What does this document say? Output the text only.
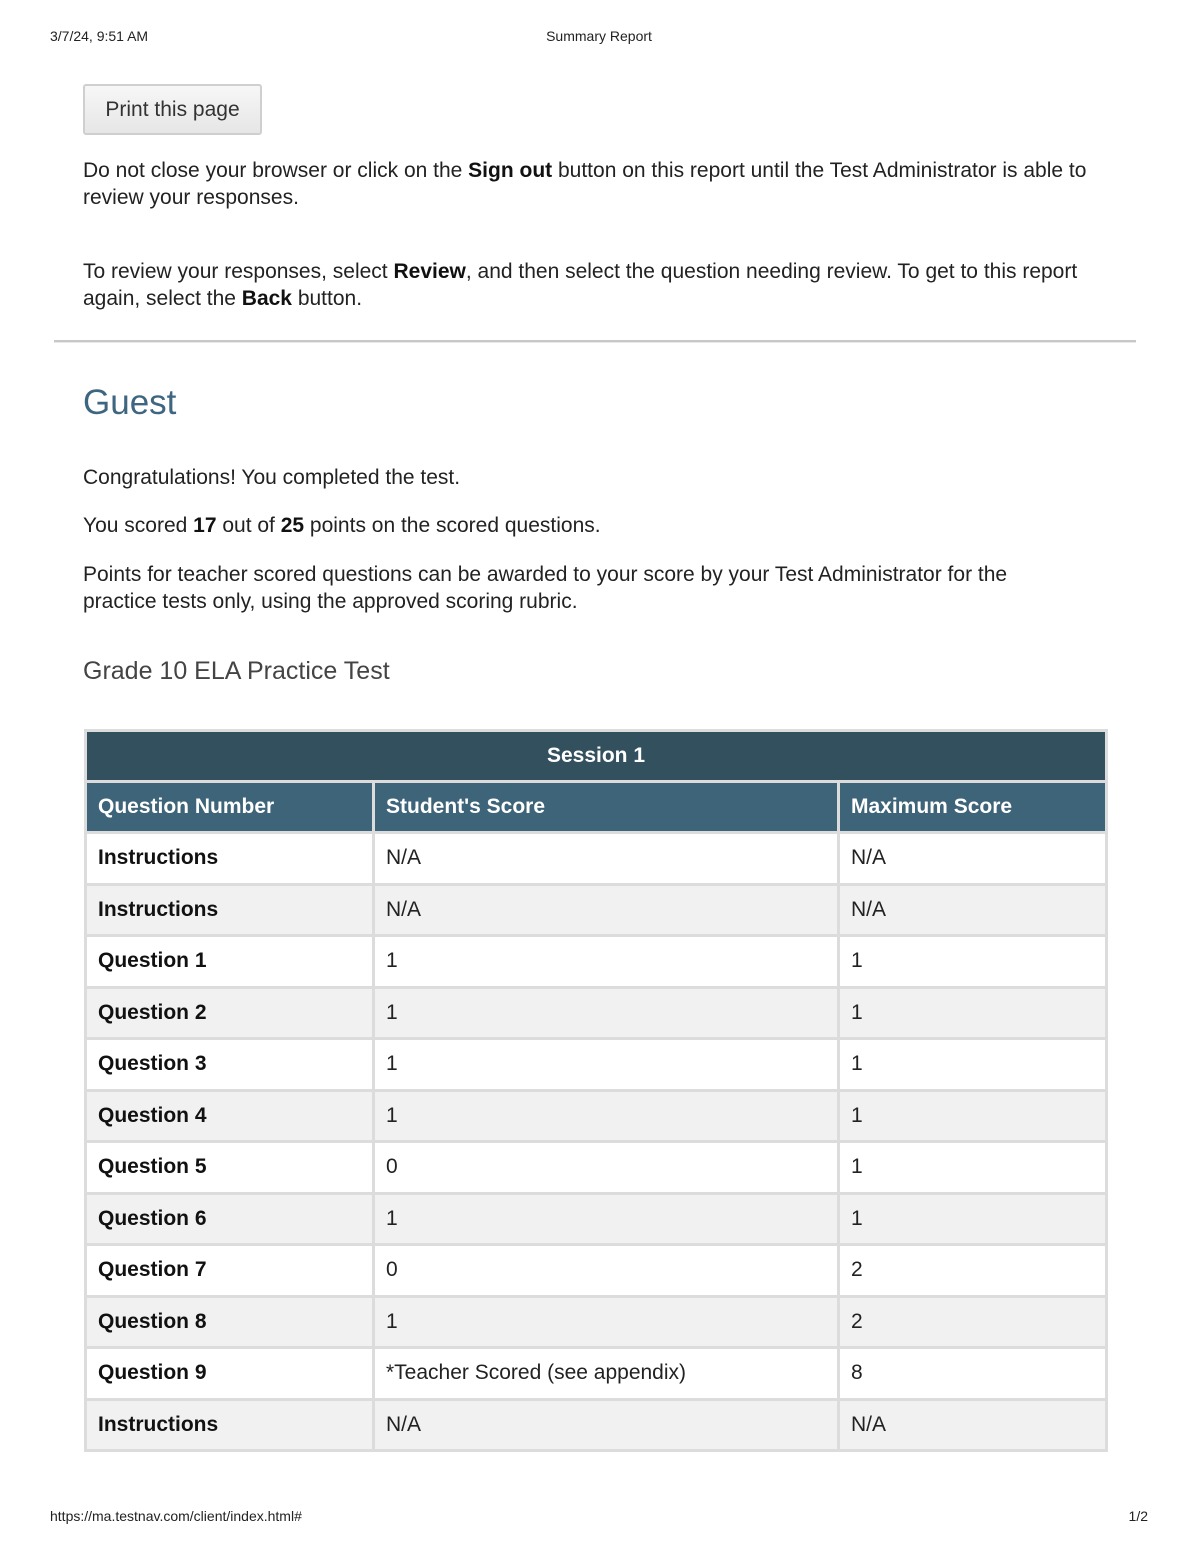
3/7/24, 9:51 AM	Summary Report
Print this page

Do not close your browser or click on the Sign out button on this report until the Test Administrator is able to review your responses.

To review your responses, select Review, and then select the question needing review. To get to this report again, select the Back button.

Guest

Congratulations! You completed the test.

You scored 17 out of 25 points on the scored questions.

Points for teacher scored questions can be awarded to your score by your Test Administrator for the practice tests only, using the approved scoring rubric.

Grade 10 ELA Practice Test
Session 1		
Question Number	Student's Score	Maximum Score
Instructions	N/A	N/A
Instructions	N/A	N/A
Question 1	1	1
Question 2	1	1
Question 3	1	1
Question 4	1	1
Question 5	0	1
Question 6	1	1
Question 7	0	2
Question 8	1	2
Question 9	*Teacher Scored (see appendix)	8
Instructions	N/A	N/A
https://ma.testnav.com/client/index.html#	1/2
